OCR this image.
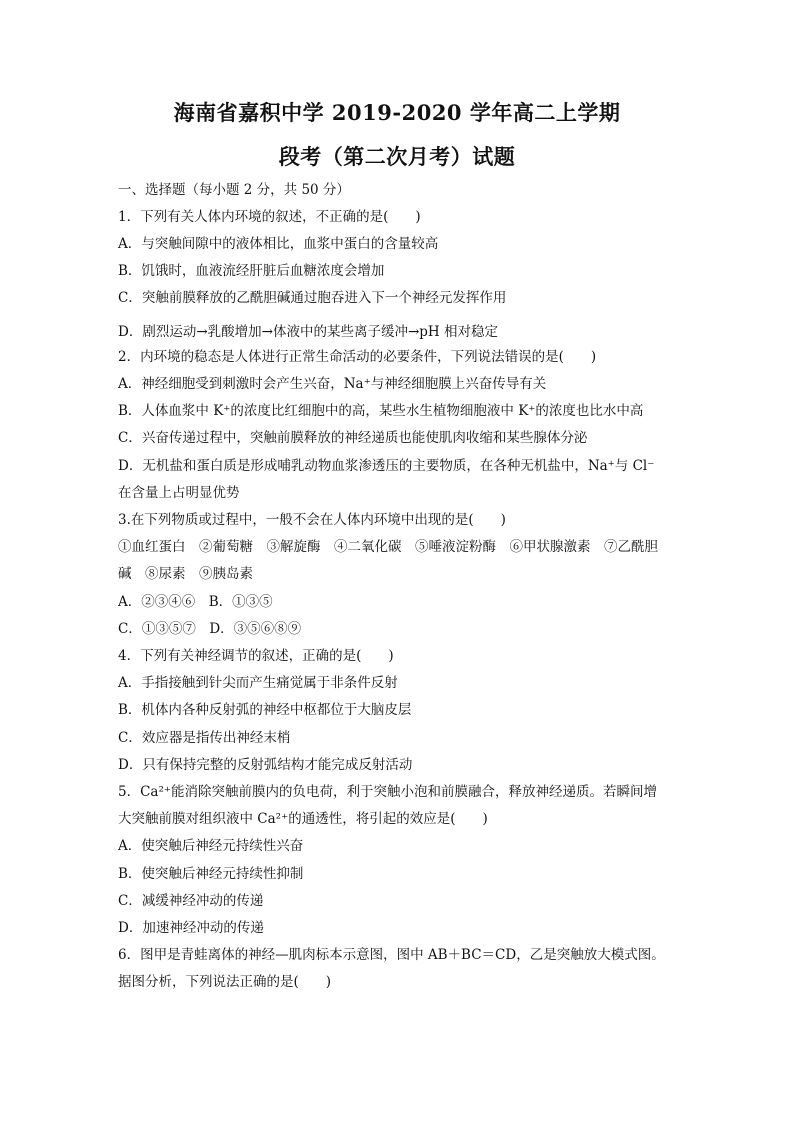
海南省嘉积中学 2019-2020 学年高二上学期
段考（第二次月考）试题
一、选择题（每小题 2 分，共 50 分）
1．下列有关人体内环境的叙述，不正确的是(　　)
A．与突触间隙中的液体相比，血浆中蛋白的含量较高
B．饥饿时，血液流经肝脏后血糖浓度会增加
C．突触前膜释放的乙酰胆碱通过胞吞进入下一个神经元发挥作用
D．剧烈运动→乳酸增加→体液中的某些离子缓冲→pH 相对稳定
2．内环境的稳态是人体进行正常生命活动的必要条件，下列说法错误的是(　　)
A．神经细胞受到刺激时会产生兴奋，Na⁺与神经细胞膜上兴奋传导有关
B．人体血浆中 K⁺的浓度比红细胞中的高，某些水生植物细胞液中 K⁺的浓度也比水中高
C．兴奋传递过程中，突触前膜释放的神经递质也能使肌肉收缩和某些腺体分泌
D．无机盐和蛋白质是形成哺乳动物血浆渗透压的主要物质，在各种无机盐中，Na⁺与 Cl⁻
在含量上占明显优势
3.在下列物质或过程中，一般不会在人体内环境中出现的是(　　)
①血红蛋白　②葡萄糖　③解旋酶　④二氧化碳　⑤唾液淀粉酶　⑥甲状腺激素　⑦乙酰胆
碱　⑧尿素　⑨胰岛素
A．②③④⑥　B．①③⑤
C．①③⑤⑦　D．③⑤⑥⑧⑨
4．下列有关神经调节的叙述，正确的是(　　)
A．手指接触到针尖而产生痛觉属于非条件反射
B．机体内各种反射弧的神经中枢都位于大脑皮层
C．效应器是指传出神经末梢
D．只有保持完整的反射弧结构才能完成反射活动
5．Ca²⁺能消除突触前膜内的负电荷，利于突触小泡和前膜融合，释放神经递质。若瞬间增
大突触前膜对组织液中 Ca²⁺的通透性，将引起的效应是(　　)
A．使突触后神经元持续性兴奋
B．使突触后神经元持续性抑制
C．减缓神经冲动的传递
D．加速神经冲动的传递
6．图甲是青蛙离体的神经—肌肉标本示意图，图中 AB＋BC＝CD，乙是突触放大模式图。
据图分析，下列说法正确的是(　　)
